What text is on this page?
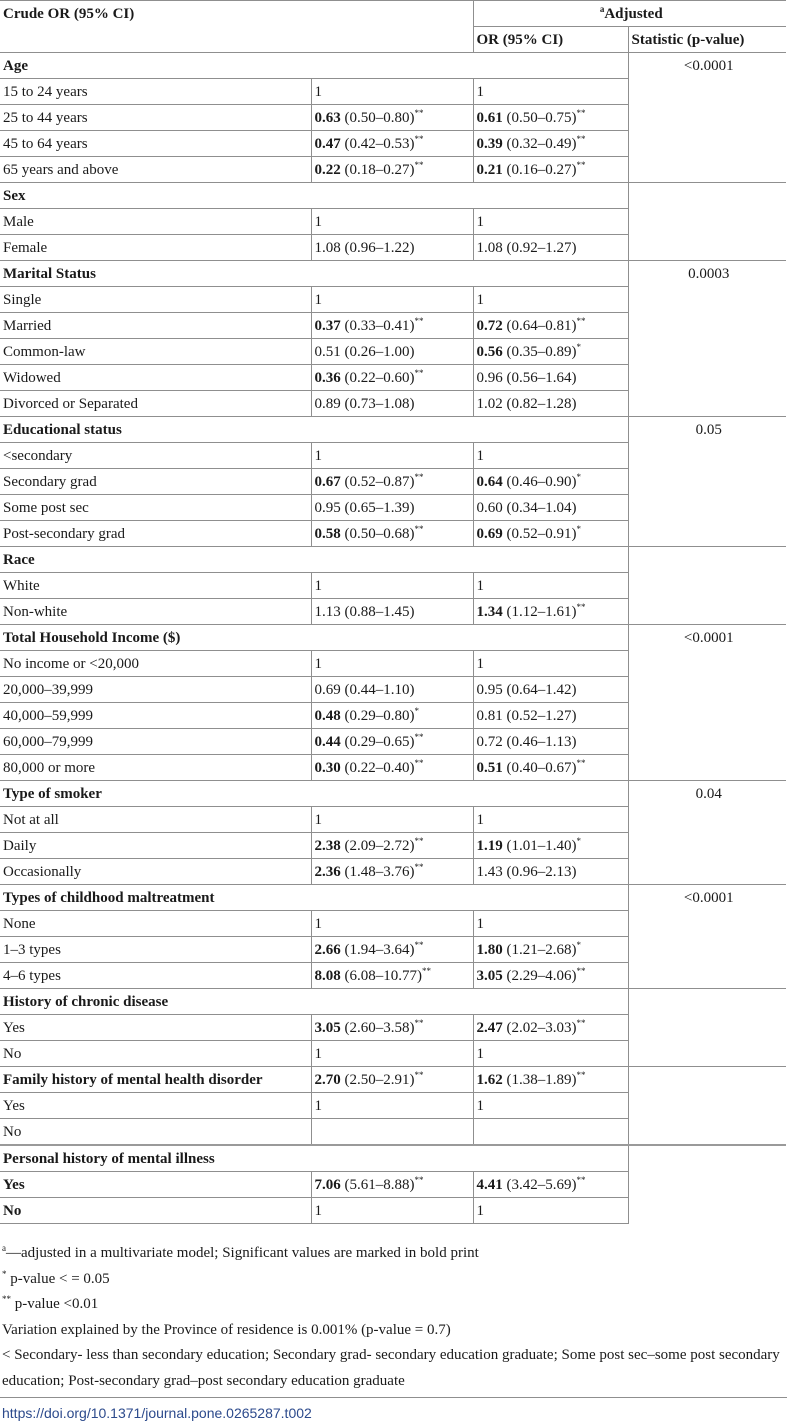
Crude OR (95% CI)		$^a$Adjusted	
		OR (95% CI)	Statistic (p-value)
Age			<0.0001
15 to 24 years	1	1	
25 to 44 years	0.63 (0.50–0.80)**	0.61 (0.50–0.75)**
45 to 64 years	0.47 (0.42–0.53)**	0.39 (0.32–0.49)**
65 years and above	0.22 (0.18–0.27)**	0.21 (0.16–0.27)**
Sex			
Male	1	1	
Female	1.08 (0.96–1.22)	1.08 (0.92–1.27)	
Marital Status			0.0003
Single	1	1	
Married	0.37 (0.33–0.41)**	0.72 (0.64–0.81)**
Common-law	0.51 (0.26–1.00)	0.56 (0.35–0.89)*
Widowed	0.36 (0.22–0.60)**	0.96 (0.56–1.64)	
Divorced or Separated	0.89 (0.73–1.08)	1.02 (0.82–1.28)	
Educational status			0.05
<secondary	1	1	
Secondary grad	0.67 (0.52–0.87)**	0.64 (0.46–0.90)*
Some post sec	0.95 (0.65–1.39)	0.60 (0.34–1.04)	
Post-secondary grad	0.58 (0.50–0.68)**	0.69 (0.52–0.91)*
Race			
White	1	1	
Non-white	1.13 (0.88–1.45)	1.34 (1.12–1.61)**
Total Household Income ($)			<0.0001
No income or <20,000	1	1	
20,000–39,999	0.69 (0.44–1.10)	0.95 (0.64–1.42)	
40,000–59,999	0.48 (0.29–0.80)*	0.81 (0.52–1.27)	
60,000–79,999	0.44 (0.29–0.65)**	0.72 (0.46–1.13)	
80,000 or more	0.30 (0.22–0.40)**	0.51 (0.40–0.67)**
Type of smoker			0.04
Not at all	1	1	
Daily	2.38 (2.09–2.72)**	1.19 (1.01–1.40)*
Occasionally	2.36 (1.48–3.76)**	1.43 (0.96–2.13)	
Types of childhood maltreatment			<0.0001
None	1	1	
1–3 types	2.66 (1.94–3.64)**	1.80 (1.21–2.68)*
4–6 types	8.08 (6.08–10.77)**	3.05 (2.29–4.06)**
History of chronic disease			
Yes	3.05 (2.60–3.58)**	2.47 (2.02–3.03)**
No	1	1	
Family history of mental health disorder	2.70 (2.50–2.91)**	1.62 (1.38–1.89)**	
Yes	1	1	
No			
Personal history of mental illness			
Yes	7.06 (5.61–8.88)**	4.41 (3.42–5.69)**
No	1	1	
$^a$—adjusted in a multivariate model; Significant values are marked in bold print
* p-value < = 0.05
** p-value <0.01
Variation explained by the Province of residence is 0.001% (p-value = 0.7)
< Secondary- less than secondary education; Secondary grad- secondary education graduate; Some post sec–some post secondary education; Post-secondary grad–post secondary education graduate
https://doi.org/10.1371/journal.pone.0265287.t002
